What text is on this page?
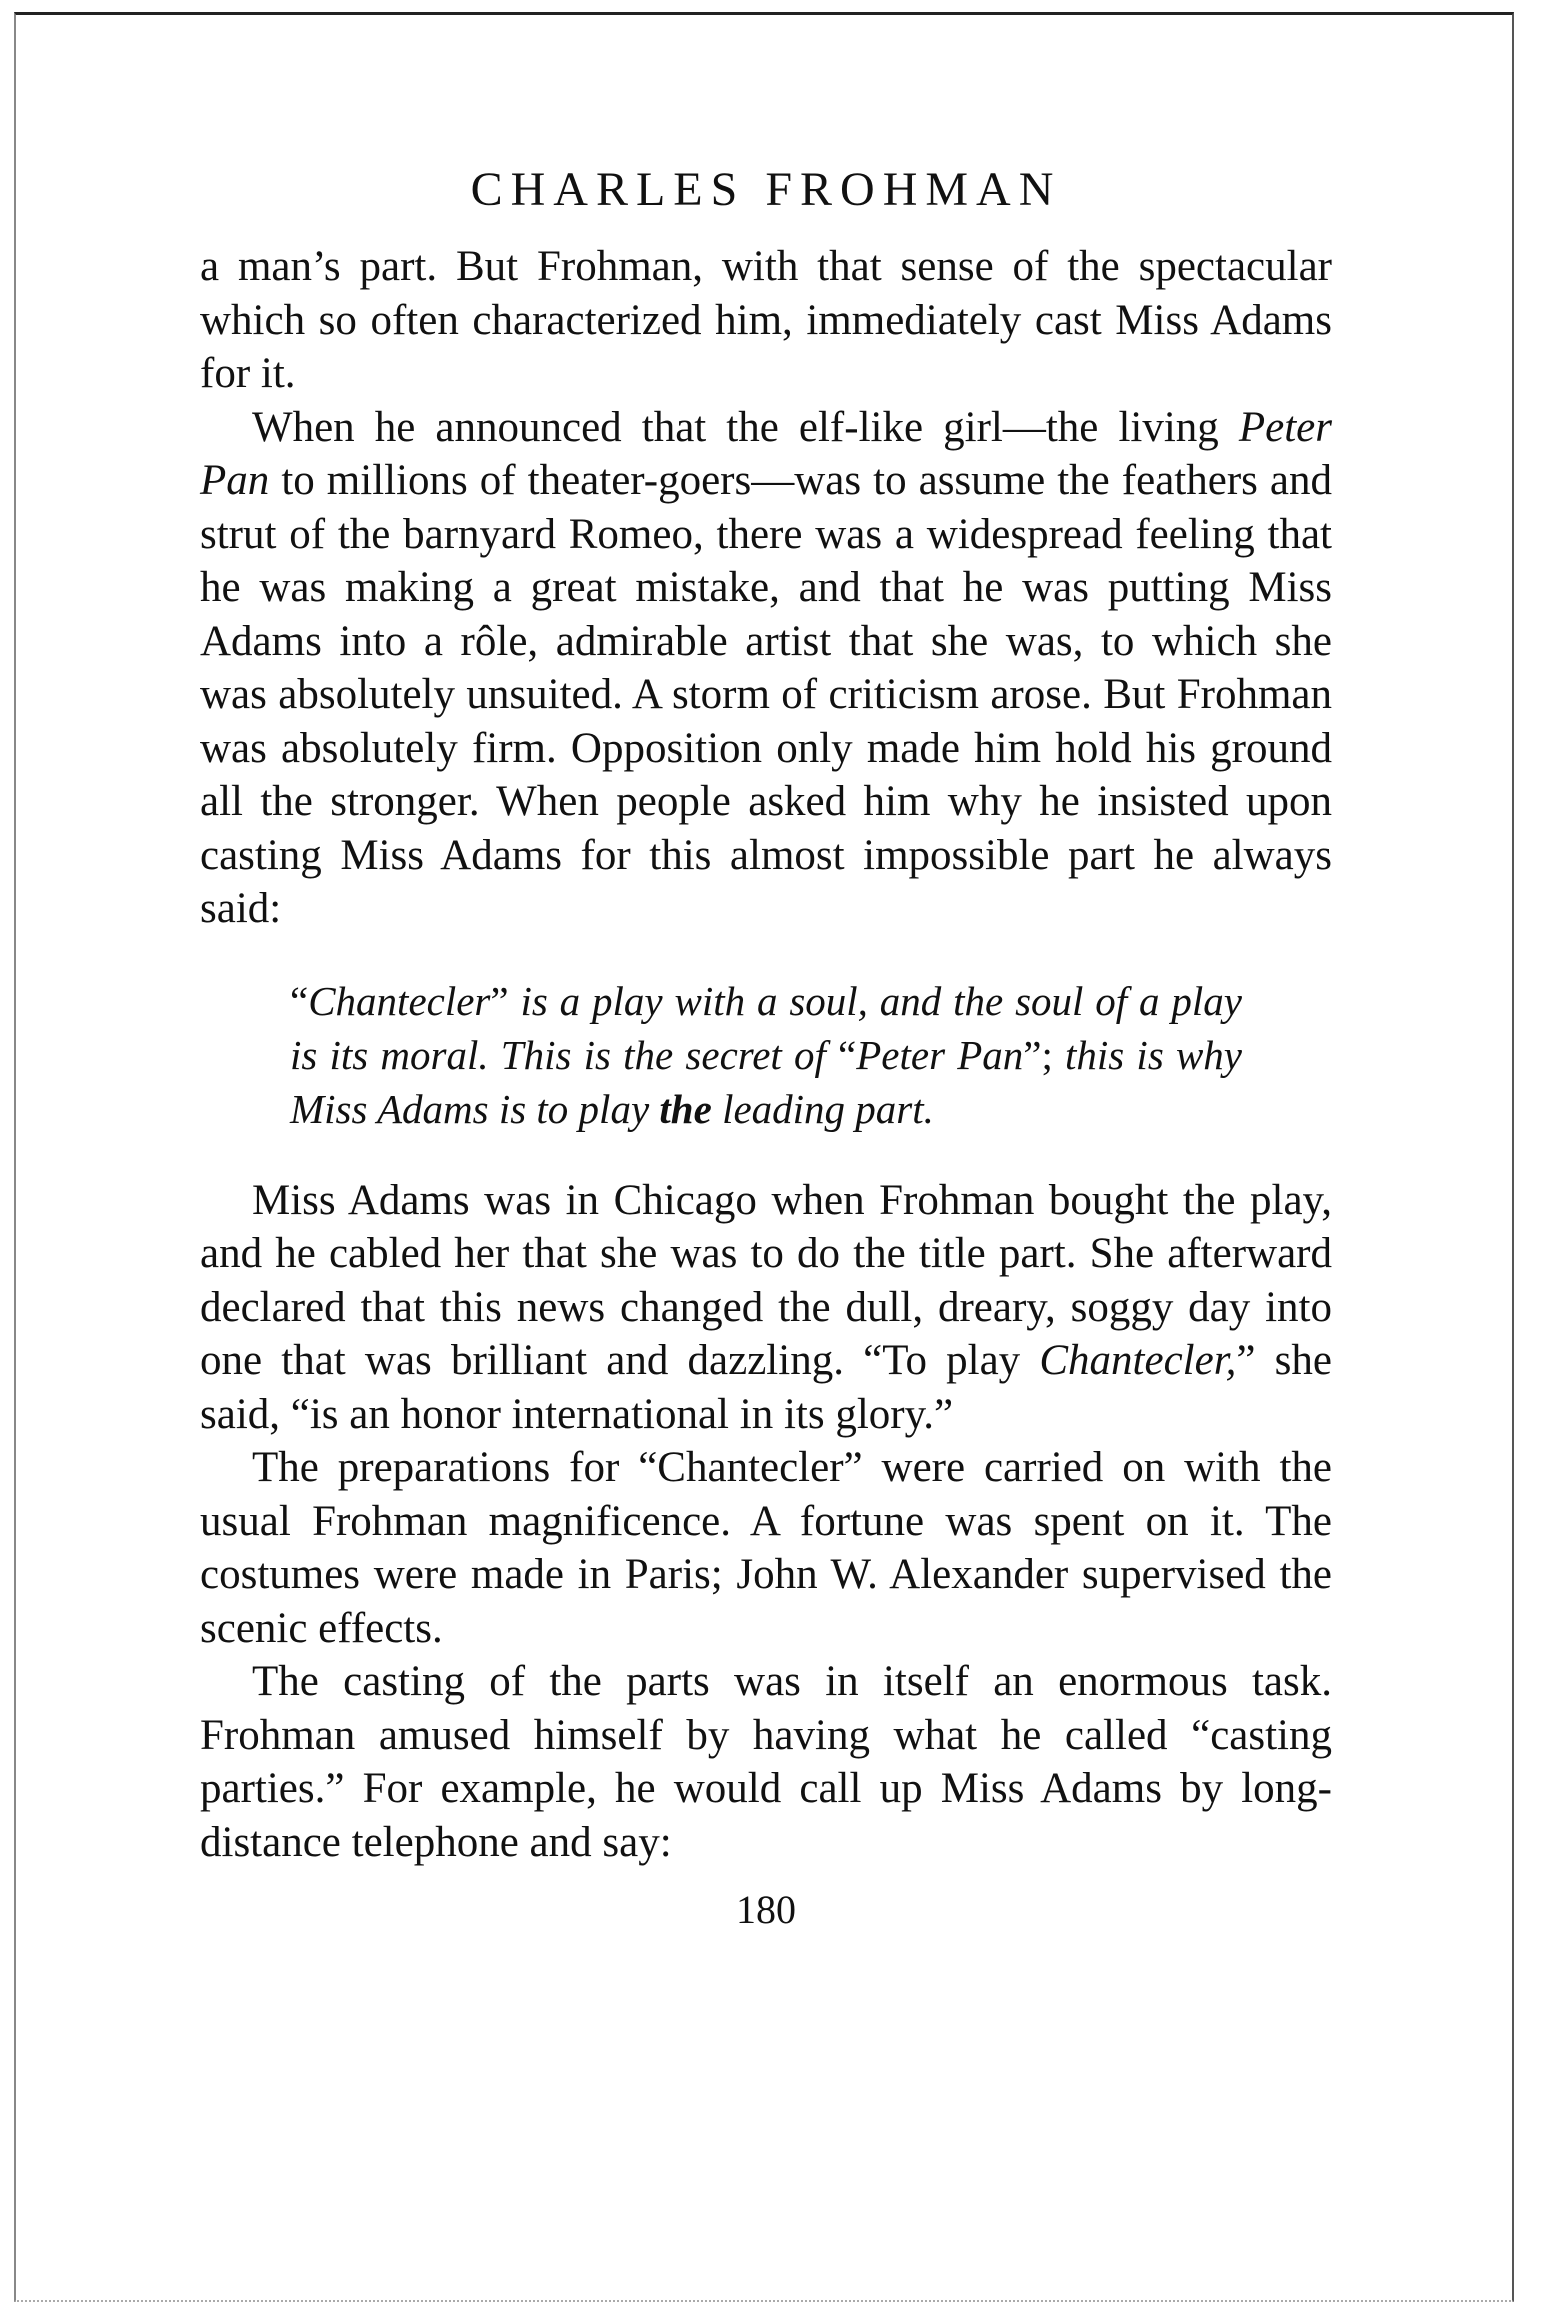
CHARLES FROHMAN

a man’s part. But Frohman, with that sense of the spectacular which so often characterized him, immediately cast Miss Adams for it.

When he announced that the elf-like girl—the living Peter Pan to millions of theater-goers—was to assume the feathers and strut of the barnyard Romeo, there was a widespread feeling that he was making a great mistake, and that he was putting Miss Adams into a rôle, admirable artist that she was, to which she was absolutely unsuited. A storm of criticism arose. But Frohman was absolutely firm. Opposition only made him hold his ground all the stronger. When people asked him why he insisted upon casting Miss Adams for this almost impossible part he always said:

“Chantecler” is a play with a soul, and the soul of a play is its moral. This is the secret of “Peter Pan”; this is why Miss Adams is to play the leading part.

Miss Adams was in Chicago when Frohman bought the play, and he cabled her that she was to do the title part. She afterward declared that this news changed the dull, dreary, soggy day into one that was brilliant and dazzling. “To play Chantecler,” she said, “is an honor international in its glory.”

The preparations for “Chantecler” were carried on with the usual Frohman magnificence. A fortune was spent on it. The costumes were made in Paris; John W. Alexander supervised the scenic effects.

The casting of the parts was in itself an enormous task. Frohman amused himself by having what he called “casting parties.” For example, he would call up Miss Adams by long-distance telephone and say:

180
